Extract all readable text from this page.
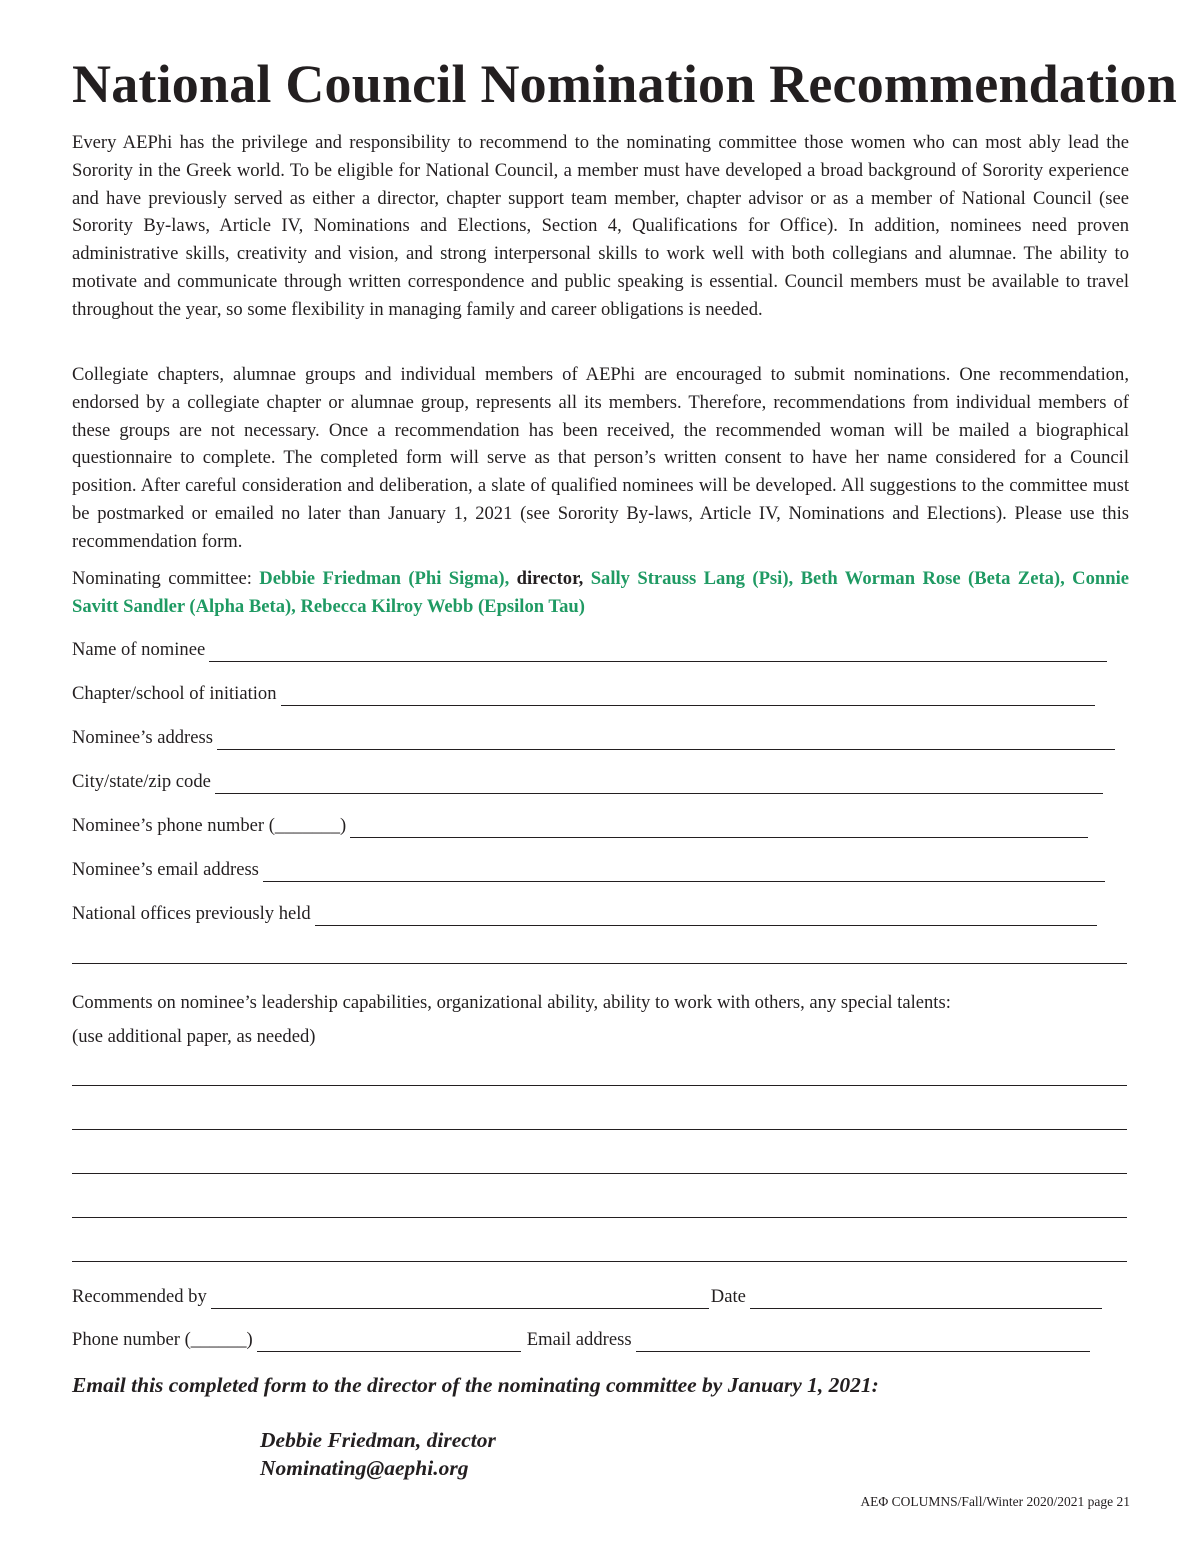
National Council Nomination Recommendation

Every AEPhi has the privilege and responsibility to recommend to the nominating committee those women who can most ably lead the Sorority in the Greek world. To be eligible for National Council, a member must have developed a broad background of Sorority experience and have previously served as either a director, chapter support team member, chapter advisor or as a member of National Council (see Sorority By-laws, Article IV, Nominations and Elections, Section 4, Qualifications for Office). In addition, nominees need proven administrative skills, creativity and vision, and strong interpersonal skills to work well with both collegians and alumnae. The ability to motivate and communicate through written correspondence and public speaking is essential. Council members must be available to travel throughout the year, so some flexibility in managing family and career obligations is needed.

Collegiate chapters, alumnae groups and individual members of AEPhi are encouraged to submit nominations. One recommendation, endorsed by a collegiate chapter or alumnae group, represents all its members. Therefore, recommendations from individual members of these groups are not necessary. Once a recommendation has been received, the recommended woman will be mailed a biographical questionnaire to complete. The completed form will serve as that person’s written consent to have her name considered for a Council position. After careful consideration and deliberation, a slate of qualified nominees will be developed. All suggestions to the committee must be postmarked or emailed no later than January 1, 2021 (see Sorority By-laws, Article IV, Nominations and Elections). Please use this recommendation form.

Nominating committee: Debbie Friedman (Phi Sigma), director, Sally Strauss Lang (Psi), Beth Worman Rose (Beta Zeta), Connie Savitt Sandler (Alpha Beta), Rebecca Kilroy Webb (Epsilon Tau)

Name of nominee
Chapter/school of initiation
Nominee’s address
City/state/zip code
Nominee’s phone number (_______)
Nominee’s email address
National offices previously held
Comments on nominee’s leadership capabilities, organizational ability, ability to work with others, any special talents:
(use additional paper, as needed)
Recommended by	Date
Phone number (______)	Email address

Email this completed form to the director of the nominating committee by January 1, 2021:

Debbie Friedman, director
Nominating@aephi.org

AEΦ COLUMNS/Fall/Winter 2020/2021 page 21
